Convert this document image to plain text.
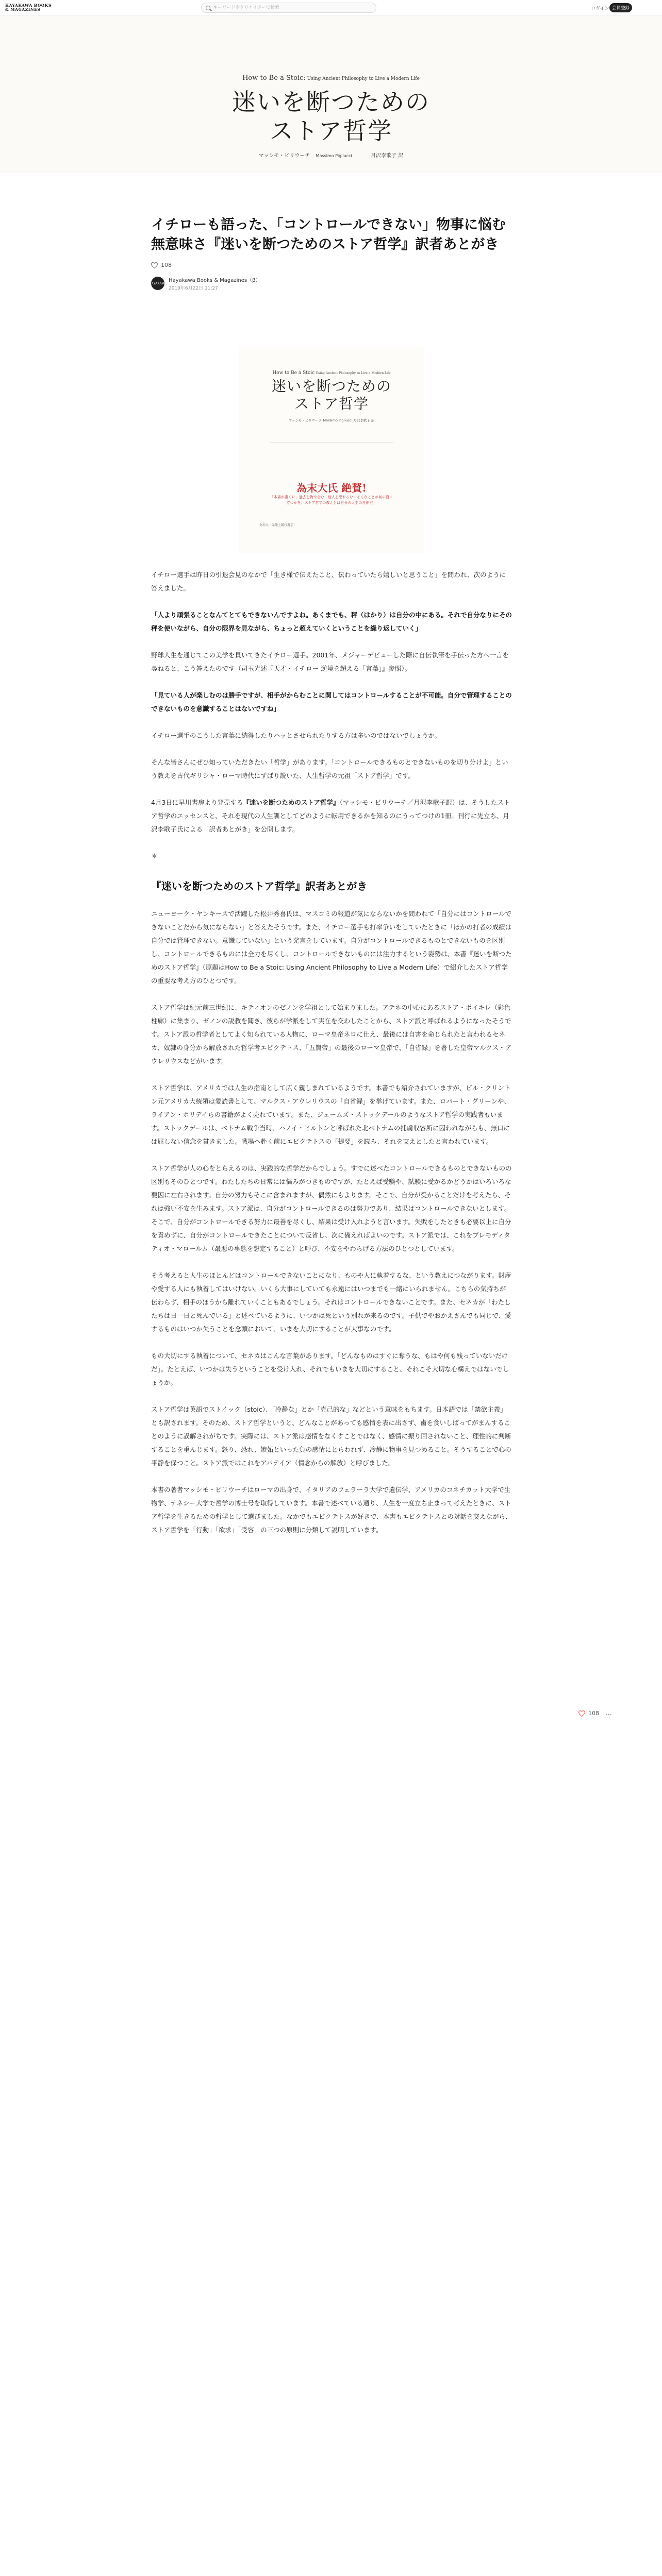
HAYAKAWA BOOKS
& MAGAZINES
キーワードやクリエイターで検索	ログイン 会員登録
How to Be a Stoic: Using Ancient Philosophy to Live a Modern Life
迷いを断つための
ストア哲学
マッシモ・ピリウーチ Massimo Pigliucci	月沢李歌子 訳
イチローも語った、「コントロールできない」物事に悩む無意味さ『迷いを断つためのストア哲学』訳者あとがき
108
HAYAKAWA Hayakawa Books & Magazines（β）
2019年6月22日 11:27
How to Be a Stoic Using Ancient Philosophy to Live a Modern Life
迷いを断つための
ストア哲学
マッシモ・ピリウーチ Massimo Pigliucci 月沢李歌子 訳
為末大氏 絶賛!
「本書が書くに、過去を悔やむな、他人を恐れるな、そんなことが何の役に立つかを。ストア哲学の教えとは自分の人生の自由だ」
為末大（元陸上競技選手）

イチロー選手は昨日の引退会見のなかで「生き様で伝えたこと、伝わっていたら嬉しいと思うこと」を問われ、次のように答えました。

「人より頑張ることなんてとてもできないんですよね。あくまでも、秤（はかり）は自分の中にある。それで自分なりにその秤を使いながら、自分の限界を見ながら、ちょっと超えていくということを繰り返していく」

野球人生を通じてこの美学を貫いてきたイチロー選手。2001年、メジャーデビューした際に自伝執筆を手伝った方へ一言を尋ねると、こう答えたのです（司玉光述『天才・イチロー 逆境を超える「言葉」』参照）。

「見ている人が楽しむのは勝手ですが、相手がからむことに関してはコントロールすることが不可能。自分で管理することのできないものを意識することはないですね」

イチロー選手のこうした言葉に納得したりハッとさせられたりする方は多いのではないでしょうか。

そんな皆さんにぜひ知っていただきたい「哲学」があります。「コントロールできるものとできないものを切り分けよ」という教えを古代ギリシャ・ローマ時代にずばり説いた、人生哲学の元祖「ストア哲学」です。

4月3日に早川書房より発売する『迷いを断つためのストア哲学』（マッシモ・ピリウーチ／月沢李歌子訳）は、そうしたストア哲学のエッセンスと、それを現代の人生訓としてどのように転用できるかを知るのにうってつけの1冊。刊行に先立ち、月沢李歌子氏による「訳者あとがき」を公開します。

＊
『迷いを断つためのストア哲学』訳者あとがき

ニューヨーク・ヤンキースで活躍した松井秀喜氏は、マスコミの報道が気にならないかを問われて「自分にはコントロールできないことだから気にならない」と答えたそうです。また、イチロー選手も打率争いをしていたときに「ほかの打者の成績は自分では管理できない。意識していない」という発言をしています。自分がコントロールできるものとできないものを区別し、コントロールできるものには全力を尽くし、コントロールできないものには注力するという姿勢は、本書『迷いを断つためのストア哲学』（原題はHow to Be a Stoic: Using Ancient Philosophy to Live a Modern Life）で紹介したストア哲学の重要な考え方のひとつです。

ストア哲学は紀元前三世紀に、キティオンのゼノンを学祖として始まりました。アテネの中心にあるストア・ポイキレ（彩色柱廊）に集まり、ゼノンの説教を聞き、彼らが学派をして実在を交わしたことから、ストア派と呼ばれるようになったそうです。ストア派の哲学者としてよく知られている人物に、ローマ皇帝ネロに仕え、最後には自害を命じられたと言われるセネカ、奴隷の身分から解放された哲学者エピクテトス、「五賢帝」の最後のローマ皇帝で、「自省録」を著した皇帝マルクス・アウレリウスなどがいます。

ストア哲学は、アメリカでは人生の指南として広く親しまれているようです。本書でも紹介されていますが、ビル・クリントン元アメリカ大統領は愛読書として、マルクス・アウレリウスの「自省録」を挙げています。また、ロバート・グリーンや、ライアン・ホリデイらの書籍がよく売れています。また、ジェームズ・ストックデールのようなストア哲学の実践者もいます。ストックデールは、ベトナム戦争当時、ハノイ・ヒルトンと呼ばれた北ベトナムの捕虜収容所に囚われながらも、無口には屈しない信念を貫きました。戦場へ赴く前にエピクテトスの「提要」を読み、それを支えとしたと言われています。

ストア哲学が人の心をとらえるのは、実践的な哲学だからでしょう。すでに述べたコントロールできるものとできないものの区別もそのひとつです。わたしたちの日常には悩みがつきものですが、たとえば受験や、試験に受かるかどうかはいろいろな要因に左右されます。自分の努力もそこに含まれますが、偶然にもよります。そこで、自分が受かることだけを考えたら、それは強い不安を生みます。ストア派は、自分がコントロールできるのは努力であり、結果はコントロールできないとします。そこで、自分がコントロールできる努力に最善を尽くし、結果は受け入れようと言います。失敗をしたときも必要以上に自分を責めずに、自分がコントロールできたことについて反省し、次に備えればよいのです。ストア派では、これをプレモディタティオ・マロールム（最悪の事態を想定すること）と呼び、不安をやわらげる方法のひとつとしています。

そう考えると人生のほとんどはコントロールできないことになり、ものや人に執着するな、という教えにつながります。財産や愛する人にも執着してはいけない。いくら大事にしていても永遠にはいつまでも一緒にいられません。こちらの気持ちが伝わらず、相手のほうから離れていくこともあるでしょう。それはコントロールできないことです。また、セネカが「わたしたちは日一日と死んでいる」と述べているように、いつかは死という別れが来るのです。子供でやおかえさんでも同じで、愛するものはいつか失うことを念頭において、いまを大切にすることが大事なのです。

もの大切にする執着について、セネカはこんな言葉があります。「どんなものはすぐに奪うな、もはや何も残っていないだけだ」。たとえば、いつかは失うということを受け入れ、それでもいまを大切にすること、それこそ大切な心構えではないでしょうか。

ストア哲学は英語でストイック（stoic）、「冷静な」とか「克己的な」などという意味をもちます。日本語では「禁欲主義」とも訳されます。そのため、ストア哲学というと、どんなことがあっても感情を表に出さず、歯を食いしばってがまんすることのように誤解されがちです。実際には、ストア派は感情をなくすことではなく、感情に振り回されないこと、理性的に判断することを重んじます。怒り、恐れ、嫉妬といった負の感情にとらわれず、冷静に物事を見つめること。そうすることで心の平静を保つこと。ストア派ではこれをアパテイア（情念からの解放）と呼びました。

本書の著者マッシモ・ピリウーチはローマの出身で、イタリアのフェラーラ大学で遺伝学、アメリカのコネチカット大学で生物学、テネシー大学で哲学の博士号を取得しています。本書で述べている通り、人生を一度立ち止まって考えたときに、ストア哲学を生きるための哲学として選びました。なかでもエピクテトスが好きで、本書もエピクテトスとの対話を交えながら、ストア哲学を「行動」「欲求」「受容」の三つの原則に分類して説明しています。

108 …
